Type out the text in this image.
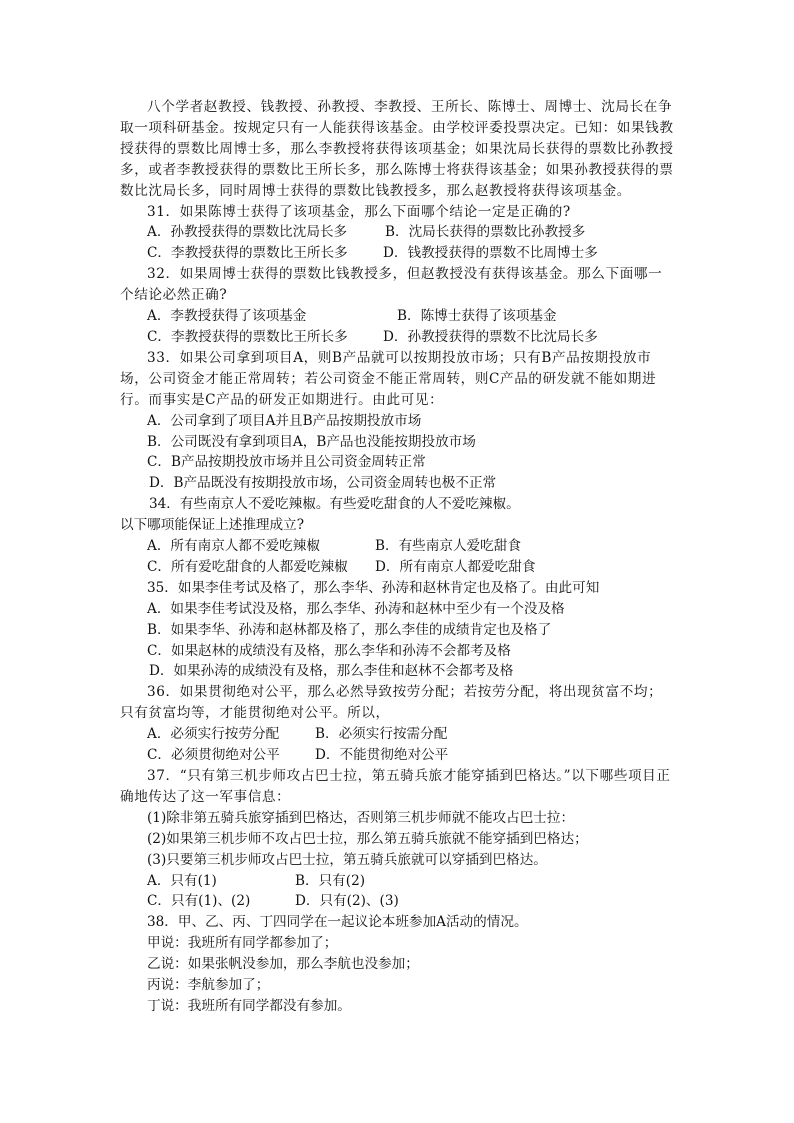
八个学者赵教授、钱教授、孙教授、李教授、王所长、陈博士、周博士、沈局长在争取一项科研基金。按规定只有一人能获得该基金。由学校评委投票决定。已知：如果钱教授获得的票数比周博士多，那么李教授将获得该项基金；如果沈局长获得的票数比孙教授多，或者李教授获得的票数比王所长多，那么陈博士将获得该基金；如果孙教授获得的票数比沈局长多，同时周博士获得的票数比钱教授多，那么赵教授将获得该项基金。

31．如果陈博士获得了该项基金，那么下面哪个结论一定是正确的?

A．孙教授获得的票数比沈局长多	B．沈局长获得的票数比孙教授多
C．李教授获得的票数比王所长多	D．钱教授获得的票数不比周博士多

32．如果周博士获得的票数比钱教授多，但赵教授没有获得该基金。那么下面哪一个结论必然正确?

A．李教授获得了该项基金	B．陈博士获得了该项基金
C．李教授获得的票数比王所长多	D．孙教授获得的票数不比沈局长多

33．如果公司拿到项目A，则B产品就可以按期投放市场；只有B产品按期投放市场，公司资金才能正常周转；若公司资金不能正常周转，则C产品的研发就不能如期进行。而事实是C产品的研发正如期进行。由此可见：

A．公司拿到了项目A并且B产品按期投放市场
B．公司既没有拿到项目A，B产品也没能按期投放市场
C．B产品按期投放市场并且公司资金周转正常
D．B产品既没有按期投放市场，公司资金周转也极不正常
34．有些南京人不爱吃辣椒。有些爱吃甜食的人不爱吃辣椒。
以下哪项能保证上述推理成立?
A．所有南京人都不爱吃辣椒	B．有些南京人爱吃甜食
C．所有爱吃甜食的人都爱吃辣椒	D．所有南京人都爱吃甜食
35．如果李佳考试及格了，那么李华、孙涛和赵林肯定也及格了。由此可知
A．如果李佳考试没及格，那么李华、孙涛和赵林中至少有一个没及格
B．如果李华、孙涛和赵林都及格了，那么李佳的成绩肯定也及格了
C．如果赵林的成绩没有及格，那么李华和孙涛不会都考及格
D．如果孙涛的成绩没有及格，那么李佳和赵林不会都考及格

36．如果贯彻绝对公平，那么必然导致按劳分配；若按劳分配，将出现贫富不均；只有贫富均等，才能贯彻绝对公平。所以，

A．必须实行按劳分配	B．必须实行按需分配
C．必须贯彻绝对公平	D．不能贯彻绝对公平

37．“只有第三机步师攻占巴士拉，第五骑兵旅才能穿插到巴格达。”以下哪些项目正确地传达了这一军事信息：

(1)除非第五骑兵旅穿插到巴格达，否则第三机步师就不能攻占巴士拉：
(2)如果第三机步师不攻占巴士拉，那么第五骑兵旅就不能穿插到巴格达；
(3)只要第三机步师攻占巴士拉，第五骑兵旅就可以穿插到巴格达。
A．只有(1)	B．只有(2)
C．只有(1)、(2)	D．只有(2)、(3)
38．甲、乙、丙、丁四同学在一起议论本班参加A活动的情况。
甲说：我班所有同学都参加了；
乙说：如果张帆没参加，那么李航也没参加；
丙说：李航参加了；
丁说：我班所有同学都没有参加。
